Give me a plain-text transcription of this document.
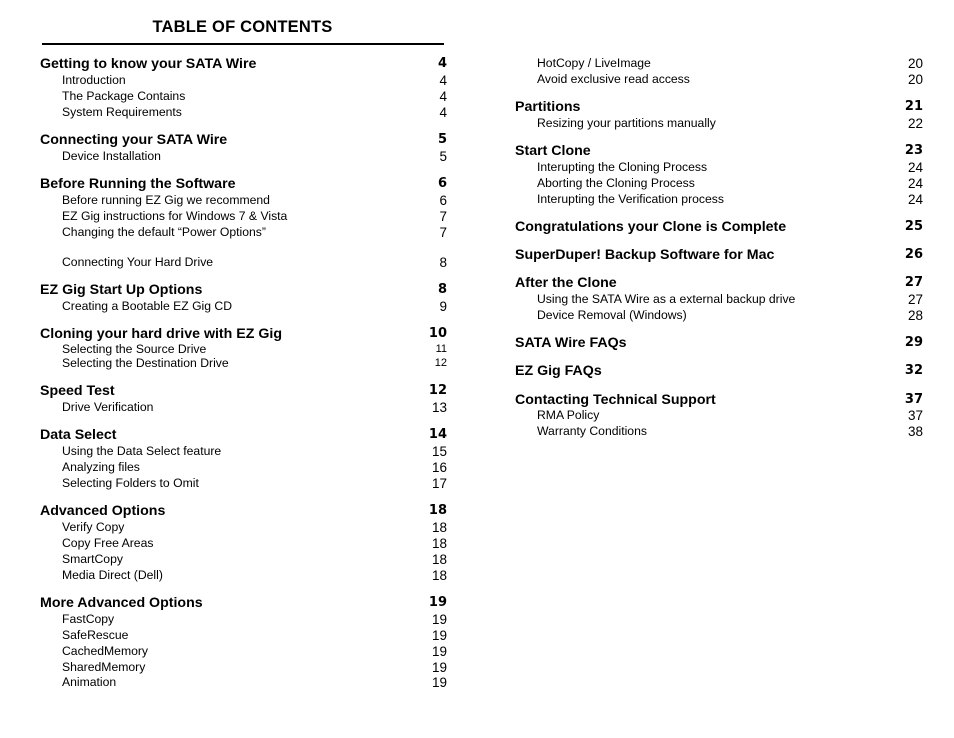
TABLE OF CONTENTS
Getting to know your SATA Wire	4
Introduction	4
The Package Contains	4
System Requirements	4
Connecting your SATA Wire	5
Device Installation	5
Before Running the Software	6
Before running EZ Gig we recommend	6
EZ Gig instructions for Windows 7 & Vista	7
Changing the default “Power Options”	7
Connecting Your Hard Drive	8
EZ Gig Start Up Options	8
Creating a Bootable EZ Gig CD	9
Cloning your hard drive with EZ Gig	10
Selecting the Source Drive	11
Selecting the Destination Drive	12
Speed Test	12
Drive Verification	13
Data Select	14
Using the Data Select feature	15
Analyzing files	16
Selecting Folders to Omit	17
Advanced Options	18
Verify Copy	18
Copy Free Areas	18
SmartCopy	18
Media Direct (Dell)	18
More Advanced Options	19
FastCopy	19
SafeRescue	19
CachedMemory	19
SharedMemory	19
Animation	19
HotCopy / LiveImage	20
Avoid exclusive read access	20
Partitions	21
Resizing your partitions manually	22
Start Clone	23
Interupting the Cloning Process	24
Aborting the Cloning Process	24
Interupting the Verification process	24
Congratulations your Clone is Complete	25
SuperDuper! Backup Software for Mac	26
After the Clone	27
Using the SATA Wire as a external backup drive	27
Device Removal (Windows)	28
SATA Wire FAQs	29
EZ Gig FAQs	32
Contacting Technical Support	37
RMA Policy	37
Warranty Conditions	38
